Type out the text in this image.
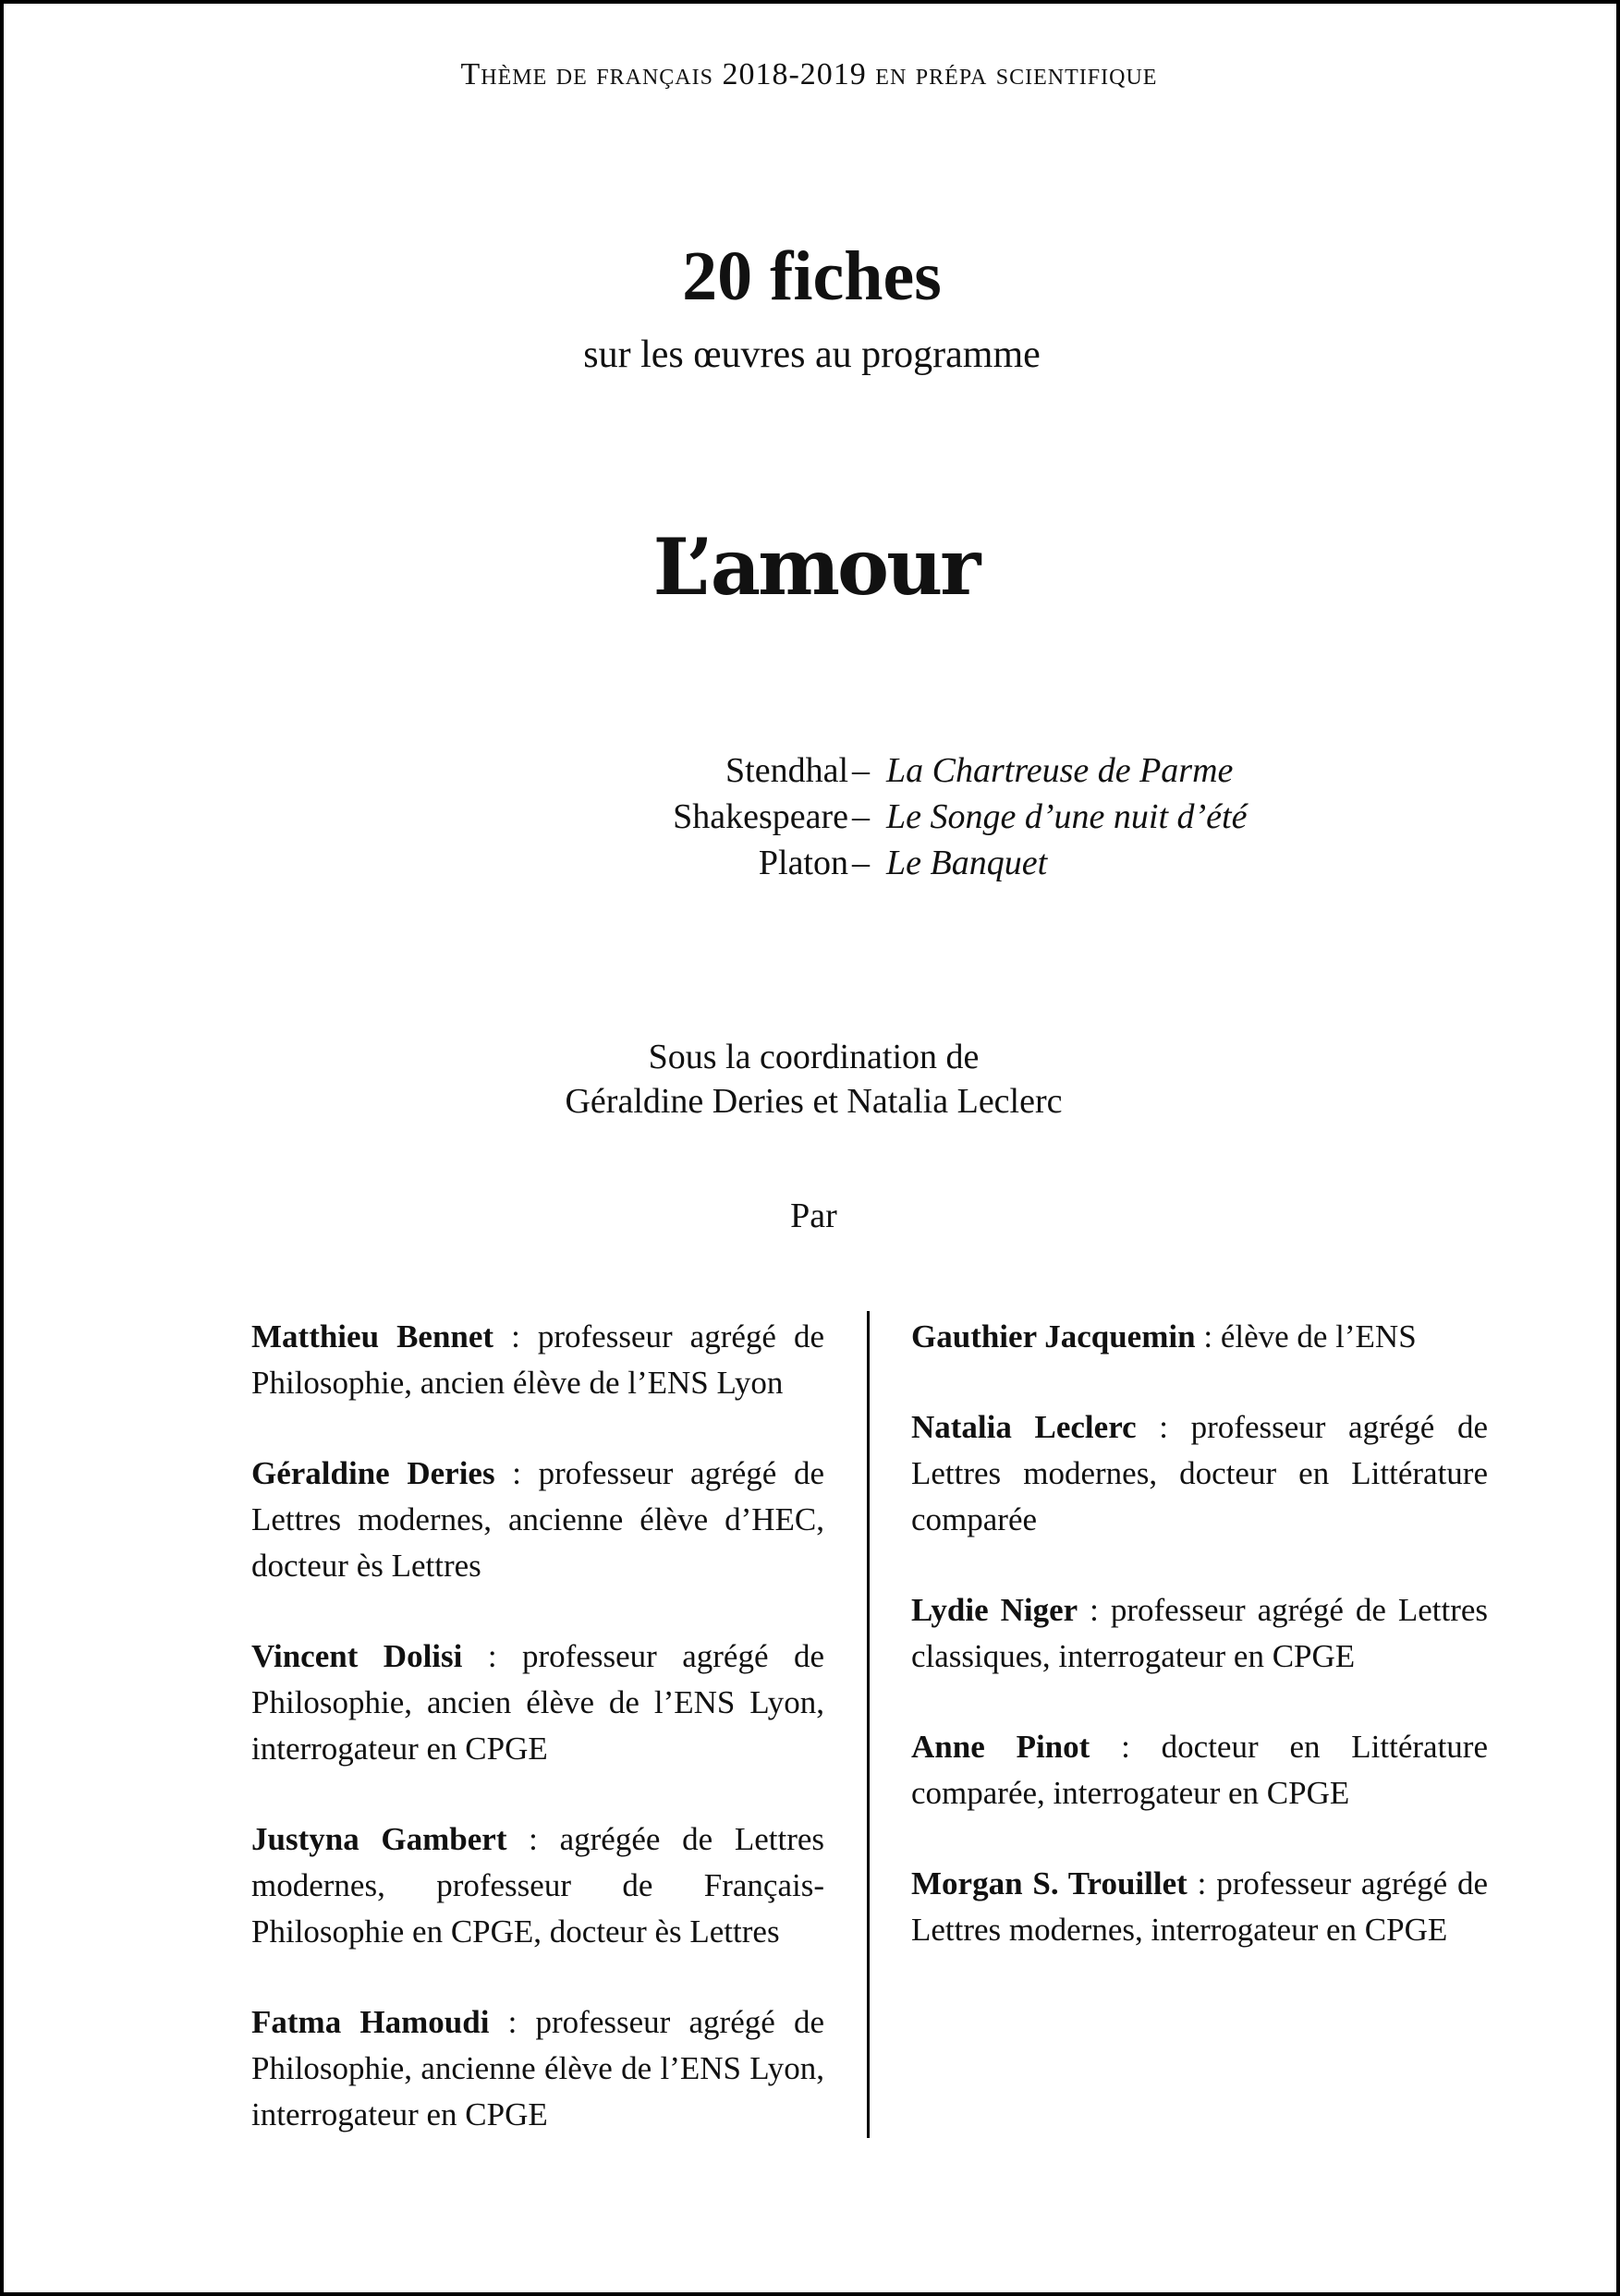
Thème de français 2018-2019 en prépa scientifique
20 fiches
sur les œuvres au programme
L’amour
Stendhal – La Chartreuse de Parme
Shakespeare – Le Songe d’une nuit d’été
Platon – Le Banquet
Sous la coordination de
Géraldine Deries et Natalia Leclerc
Par
Matthieu Bennet : professeur agrégé de Philosophie, ancien élève de l’ENS Lyon
Géraldine Deries : professeur agrégé de Lettres modernes, ancienne élève d’HEC, docteur ès Lettres
Vincent Dolisi : professeur agrégé de Philosophie, ancien élève de l’ENS Lyon, interrogateur en CPGE
Justyna Gambert : agrégée de Lettres modernes, professeur de Français-Philosophie en CPGE, docteur ès Lettres
Fatma Hamoudi : professeur agrégé de Philosophie, ancienne élève de l’ENS Lyon, interrogateur en CPGE
Gauthier Jacquemin : élève de l’ENS
Natalia Leclerc : professeur agrégé de Lettres modernes, docteur en Littérature comparée
Lydie Niger : professeur agrégé de Lettres classiques, interrogateur en CPGE
Anne Pinot : docteur en Littérature comparée, interrogateur en CPGE
Morgan S. Trouillet : professeur agrégé de Lettres modernes, interrogateur en CPGE
